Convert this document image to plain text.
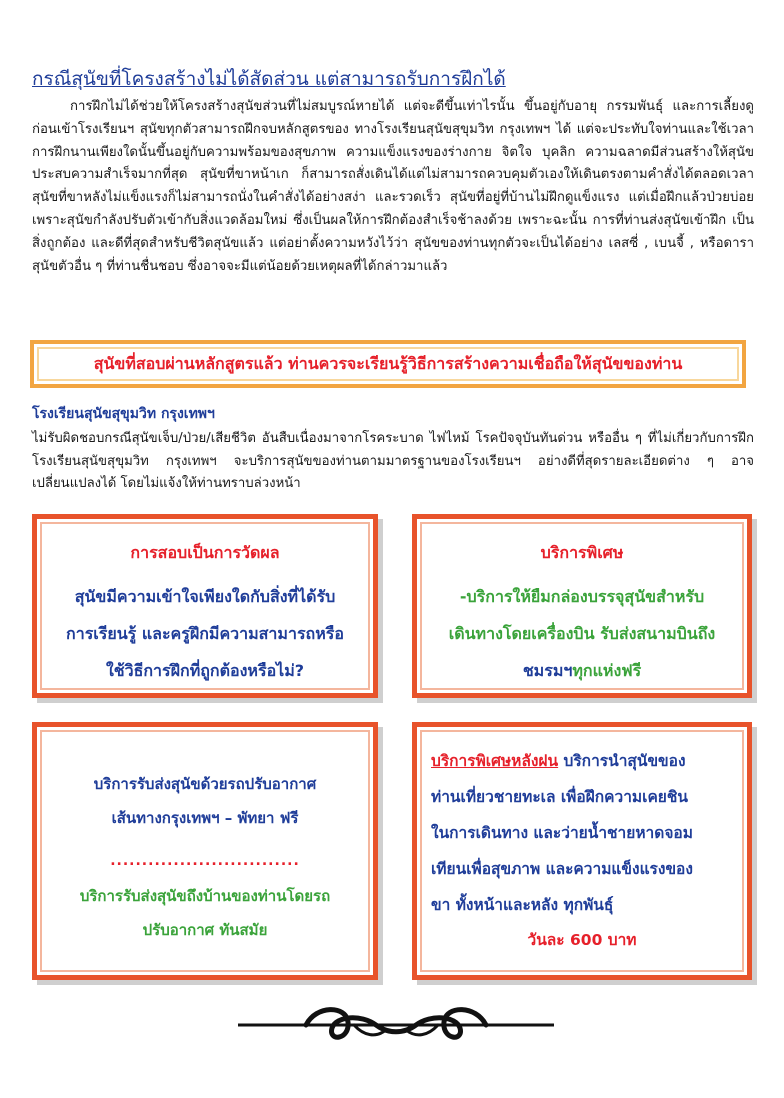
กรณีสุนัขที่โครงสร้างไม่ได้สัดส่วน แต่สามารถรับการฝึกได้
การฝึกไม่ได้ช่วยให้โครงสร้างสุนัขส่วนที่ไม่สมบูรณ์หายได้ แต่จะดีขึ้นเท่าไรนั้น ขึ้นอยู่กับอายุ กรรมพันธุ์ และการเลี้ยงดูก่อนเข้าโรงเรียนฯ สุนัขทุกตัวสามารถฝึกจบหลักสูตรของ ทางโรงเรียนสุนัขสุขุมวิท กรุงเทพฯ ได้ แต่จะประทับใจท่านและใช้เวลาการฝึกนานเพียงใดนั้นขึ้นอยู่กับความพร้อมของสุขภาพ ความแข็งแรงของร่างกาย จิตใจ บุคลิก ความฉลาดมีส่วนสร้างให้สุนัขประสบความสำเร็จมากที่สุด สุนัขที่ขาหน้าเก ก็สามารถสั่งเดินได้แต่ไม่สามารถควบคุมตัวเองให้เดินตรงตามคำสั่งได้ตลอดเวลา สุนัขที่ขาหลังไม่แข็งแรงก็ไม่สามารถนั่งในคำสั่งได้อย่างสง่า และรวดเร็ว สุนัขที่อยู่ที่บ้านไม่ฝึกดูแข็งแรง แต่เมื่อฝึกแล้วป่วยบ่อย เพราะสุนัขกำลังปรับตัวเข้ากับสิ่งแวดล้อมใหม่ ซึ่งเป็นผลให้การฝึกต้องสำเร็จช้าลงด้วย เพราะฉะนั้น การที่ท่านส่งสุนัขเข้าฝึก เป็นสิ่งถูกต้อง และดีที่สุดสำหรับชีวิตสุนัขแล้ว แต่อย่าตั้งความหวังไว้ว่า สุนัขของท่านทุกตัวจะเป็นได้อย่าง เลสซี่ , เบนจี้ , หรือดาราสุนัขตัวอื่น ๆ ที่ท่านชื่นชอบ ซึ่งอาจจะมีแต่น้อยด้วยเหตุผลที่ได้กล่าวมาแล้ว
สุนัขที่สอบผ่านหลักสูตรแล้ว ท่านควรจะเรียนรู้วิธีการสร้างความเชื่อถือให้สุนัขของท่าน
โรงเรียนสุนัขสุขุมวิท กรุงเทพฯ
ไม่รับผิดชอบกรณีสุนัขเจ็บ/ป่วย/เสียชีวิต อันสืบเนื่องมาจากโรคระบาด ไฟไหม้ โรคปัจจุบันทันด่วน หรืออื่น ๆ ที่ไม่เกี่ยวกับการฝึก โรงเรียนสุนัขสุขุมวิท กรุงเทพฯ จะบริการสุนัขของท่านตามมาตรฐานของโรงเรียนฯ อย่างดีที่สุดรายละเอียดต่าง ๆ อาจเปลี่ยนแปลงได้ โดยไม่แจ้งให้ท่านทราบล่วงหน้า
การสอบเป็นการวัดผล
สุนัขมีความเข้าใจเพียงใดกับสิ่งที่ได้รับ
การเรียนรู้ และครูฝึกมีความสามารถหรือ
ใช้วิธีการฝึกที่ถูกต้องหรือไม่?
บริการพิเศษ
-บริการให้ยืมกล่องบรรจุสุนัขสำหรับ
เดินทางโดยเครื่องบิน รับส่งสนามบินถึง
ชมรมฯทุกแห่งฟรี
บริการรับส่งสุนัขด้วยรถปรับอากาศ
เส้นทางกรุงเทพฯ – พัทยา ฟรี
..............................
บริการรับส่งสุนัขถึงบ้านของท่านโดยรถ
ปรับอากาศ ทันสมัย
บริการพิเศษหลังฝน บริการนำสุนัขของ
ท่านเที่ยวชายทะเล เพื่อฝึกความเคยชิน
ในการเดินทาง และว่ายน้ำชายหาดจอม
เทียนเพื่อสุขภาพ และความแข็งแรงของ
ขา ทั้งหน้าและหลัง ทุกพันธุ์
วันละ 600 บาท
